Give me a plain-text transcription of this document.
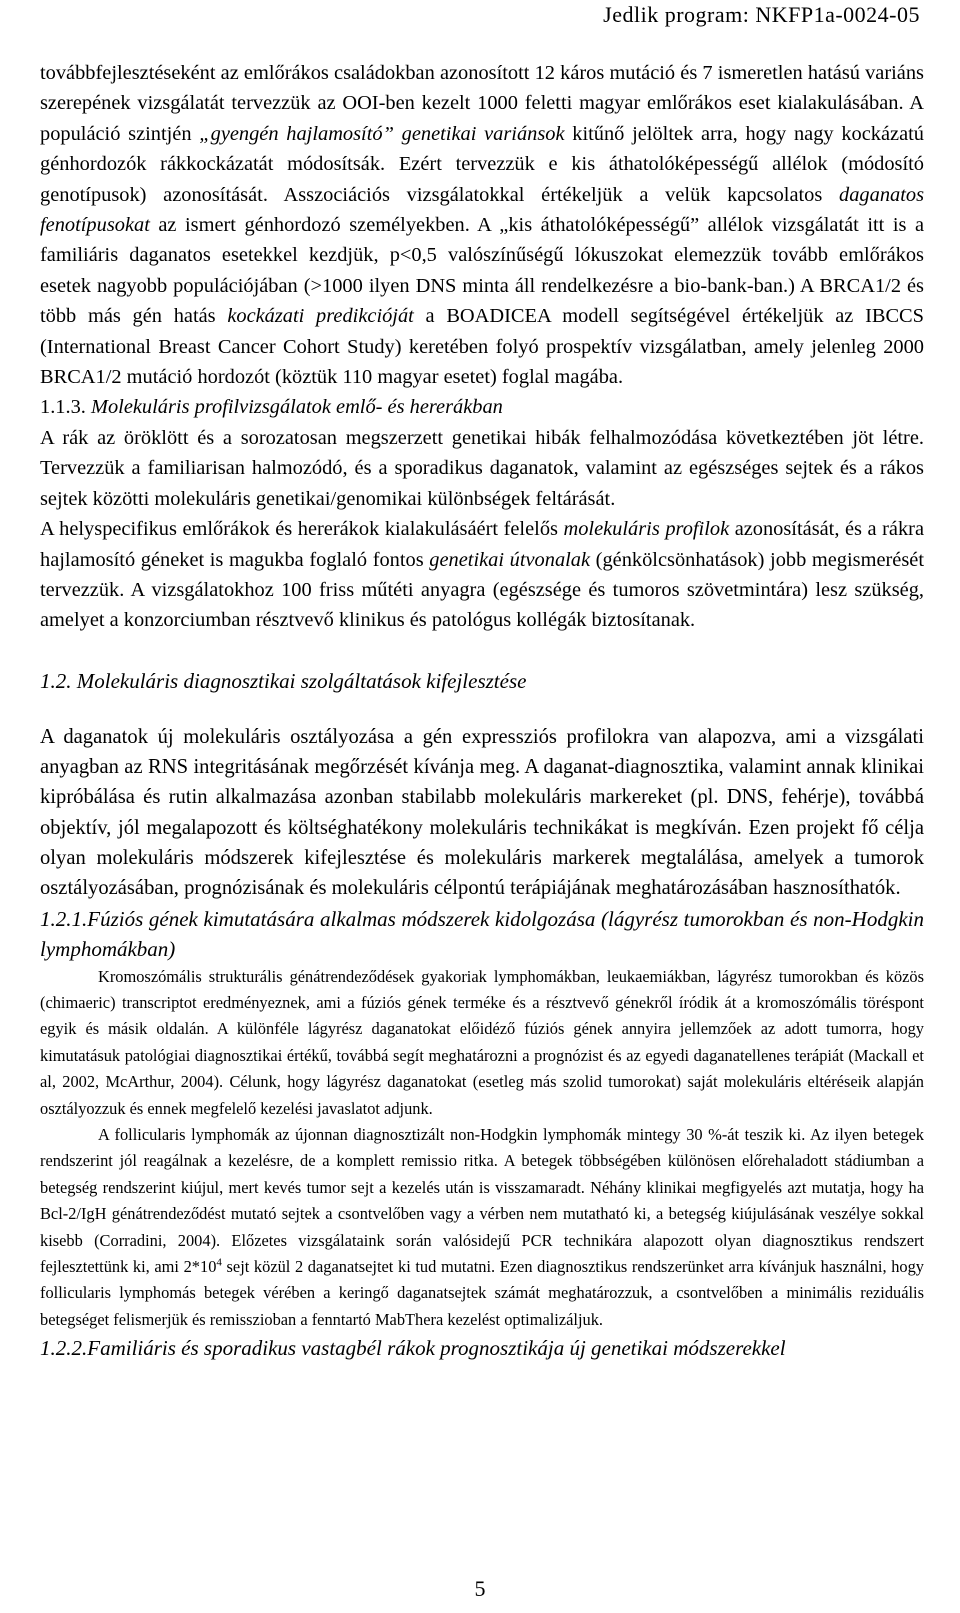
Jedlik program: NKFP1a-0024-05

továbbfejlesztéseként az emlőrákos családokban azonosított 12 káros mutáció és 7 ismeretlen hatású variáns szerepének vizsgálatát tervezzük az OOI-ben kezelt 1000 feletti magyar emlőrákos eset kialakulásában. A populáció szintjén „gyengén hajlamosító” genetikai variánsok kitűnő jelöltek arra, hogy nagy kockázatú génhordozók rákkockázatát módosítsák. Ezért tervezzük e kis áthatolóképességű allélok (módosító genotípusok) azonosítását. Asszociációs vizsgálatokkal értékeljük a velük kapcsolatos daganatos fenotípusokat az ismert génhordozó személyekben. A „kis áthatolóképességű” allélok vizsgálatát itt is a familiáris daganatos esetekkel kezdjük, p<0,5 valószínűségű lókuszokat elemezzük tovább emlőrákos esetek nagyobb populációjában (>1000 ilyen DNS minta áll rendelkezésre a bio-bank-ban.) A BRCA1/2 és több más gén hatás kockázati predikcióját a BOADICEA modell segítségével értékeljük az IBCCS (International Breast Cancer Cohort Study) keretében folyó prospektív vizsgálatban, amely jelenleg 2000 BRCA1/2 mutáció hordozót (köztük 110 magyar esetet) foglal magába.

1.1.3. Molekuláris profilvizsgálatok emlő- és hererákban

A rák az öröklött és a sorozatosan megszerzett genetikai hibák felhalmozódása következtében jöt létre. Tervezzük a familiarisan halmozódó, és a sporadikus daganatok, valamint az egészséges sejtek és a rákos sejtek közötti molekuláris genetikai/genomikai különbségek feltárását.

A helyspecifikus emlőrákok és hererákok kialakulásáért felelős molekuláris profilok azonosítását, és a rákra hajlamosító géneket is magukba foglaló fontos genetikai útvonalak (génkölcsönhatások) jobb megismerését tervezzük. A vizsgálatokhoz 100 friss műtéti anyagra (egészsége és tumoros szövetmintára) lesz szükség, amelyet a konzorciumban résztvevő klinikus és patológus kollégák biztosítanak.

1.2. Molekuláris diagnosztikai szolgáltatások kifejlesztése

A daganatok új molekuláris osztályozása a gén expressziós profilokra van alapozva, ami a vizsgálati anyagban az RNS integritásának megőrzését kívánja meg. A daganat-diagnosztika, valamint annak klinikai kipróbálása és rutin alkalmazása azonban stabilabb molekuláris markereket (pl. DNS, fehérje), továbbá objektív, jól megalapozott és költséghatékony molekuláris technikákat is megkíván. Ezen projekt fő célja olyan molekuláris módszerek kifejlesztése és molekuláris markerek megtalálása, amelyek a tumorok osztályozásában, prognózisának és molekuláris célpontú terápiájának meghatározásában hasznosíthatók.

1.2.1.Fúziós gének kimutatására alkalmas módszerek kidolgozása (lágyrész tumorokban és non-Hodgkin lymphomákban)

Kromoszómális strukturális génátrendeződések gyakoriak lymphomákban, leukaemiákban, lágyrész tumorokban és közös (chimaeric) transcriptot eredményeznek, ami a fúziós gének terméke és a résztvevő génekről íródik át a kromoszómális töréspont egyik és másik oldalán. A különféle lágyrész daganatokat előidéző fúziós gének annyira jellemzőek az adott tumorra, hogy kimutatásuk patológiai diagnosztikai értékű, továbbá segít meghatározni a prognózist és az egyedi daganatellenes terápiát (Mackall et al, 2002, McArthur, 2004). Célunk, hogy lágyrész daganatokat (esetleg más szolid tumorokat) saját molekuláris eltéréseik alapján osztályozzuk és ennek megfelelő kezelési javaslatot adjunk.

A follicularis lymphomák az újonnan diagnosztizált non-Hodgkin lymphomák mintegy 30 %-át teszik ki. Az ilyen betegek rendszerint jól reagálnak a kezelésre, de a komplett remissio ritka. A betegek többségében különösen előrehaladott stádiumban a betegség rendszerint kiújul, mert kevés tumor sejt a kezelés után is visszamaradt. Néhány klinikai megfigyelés azt mutatja, hogy ha Bcl-2/IgH génátrendeződést mutató sejtek a csontvelőben vagy a vérben nem mutatható ki, a betegség kiújulásának veszélye sokkal kisebb (Corradini, 2004). Előzetes vizsgálataink során valósidejű PCR technikára alapozott olyan diagnosztikus rendszert fejlesztettünk ki, ami $2*10^4$ sejt közül 2 daganatsejtet ki tud mutatni. Ezen diagnosztikus rendszerünket arra kívánjuk használni, hogy follicularis lymphomás betegek vérében a keringő daganatsejtek számát meghatározzuk, a csontvelőben a minimális reziduális betegséget felismerjük és remisszioban a fenntartó MabThera kezelést optimalizáljuk.

1.2.2.Familiáris és sporadikus vastagbél rákok prognosztikája új genetikai módszerekkel

5
